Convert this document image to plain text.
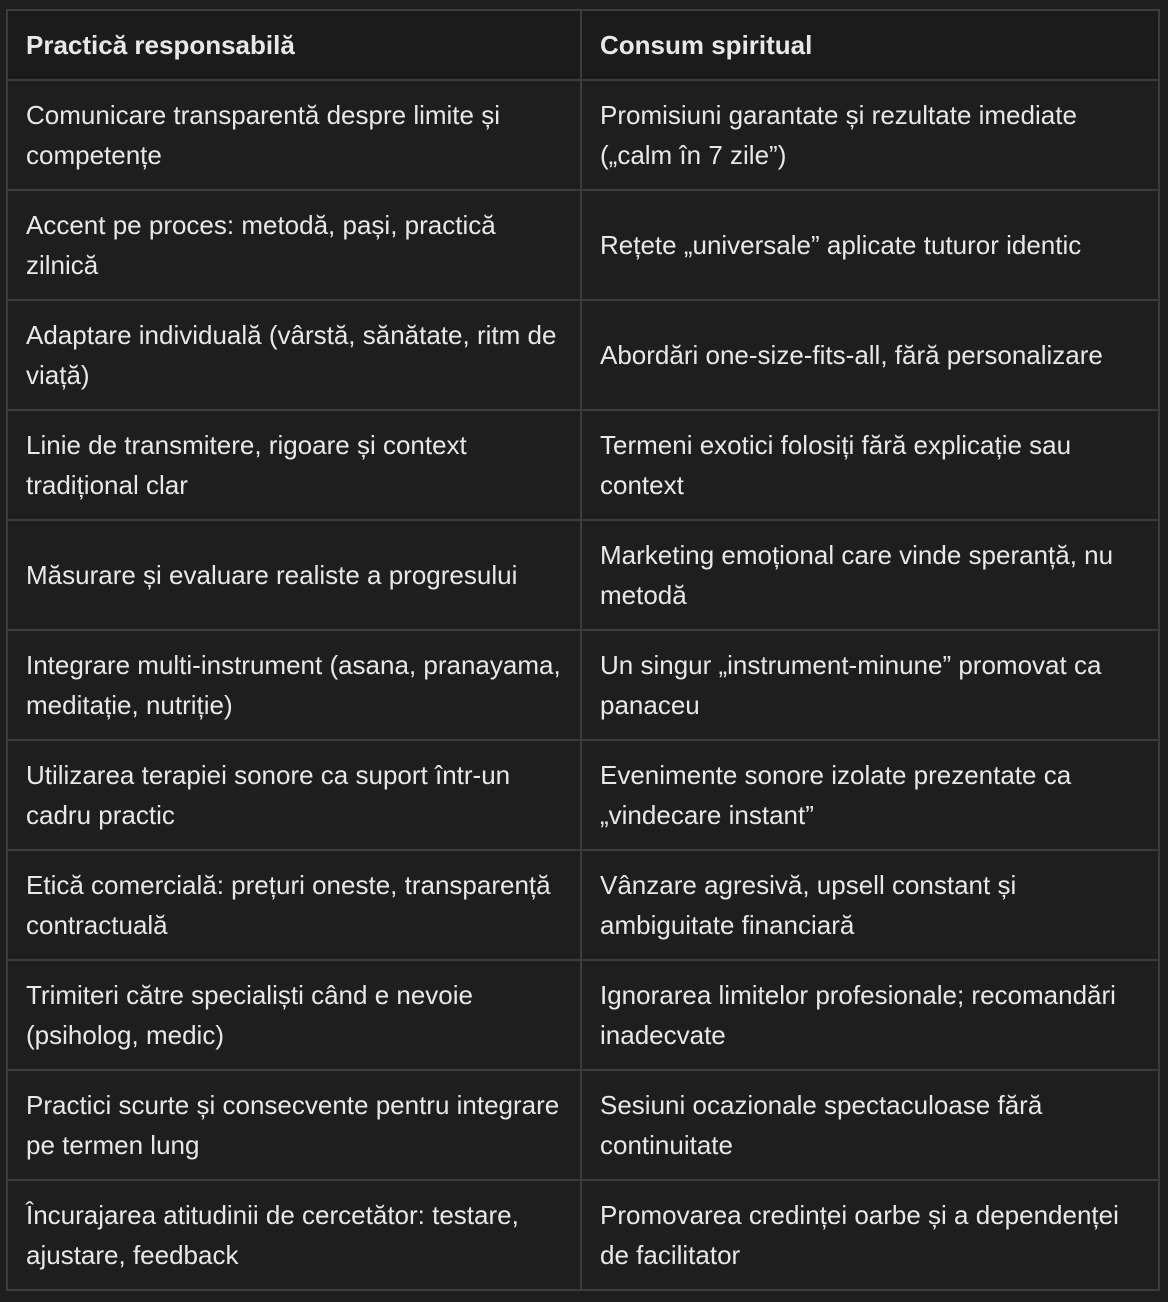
Practică responsabilă	Consum spiritual
Comunicare transparentă despre limite și competențe	Promisiuni garantate și rezultate imediate („calm în 7 zile”)
Accent pe proces: metodă, pași, practică zilnică	Rețete „universale” aplicate tuturor identic
Adaptare individuală (vârstă, sănătate, ritm de viață)	Abordări one-size-fits-all, fără personalizare
Linie de transmitere, rigoare și context tradițional clar	Termeni exotici folosiți fără explicație sau context
Măsurare și evaluare realiste a progresului	Marketing emoțional care vinde speranță, nu metodă
Integrare multi-instrument (asana, pranayama, meditație, nutriție)	Un singur „instrument-minune” promovat ca panaceu
Utilizarea terapiei sonore ca suport într-un cadru practic	Evenimente sonore izolate prezentate ca „vindecare instant”
Etică comercială: prețuri oneste, transparență contractuală	Vânzare agresivă, upsell constant și ambiguitate financiară
Trimiteri către specialiști când e nevoie (psiholog, medic)	Ignorarea limitelor profesionale; recomandări inadecvate
Practici scurte și consecvente pentru integrare pe termen lung	Sesiuni ocazionale spectaculoase fără continuitate
Încurajarea atitudinii de cercetător: testare, ajustare, feedback	Promovarea credinței oarbe și a dependenței de facilitator
